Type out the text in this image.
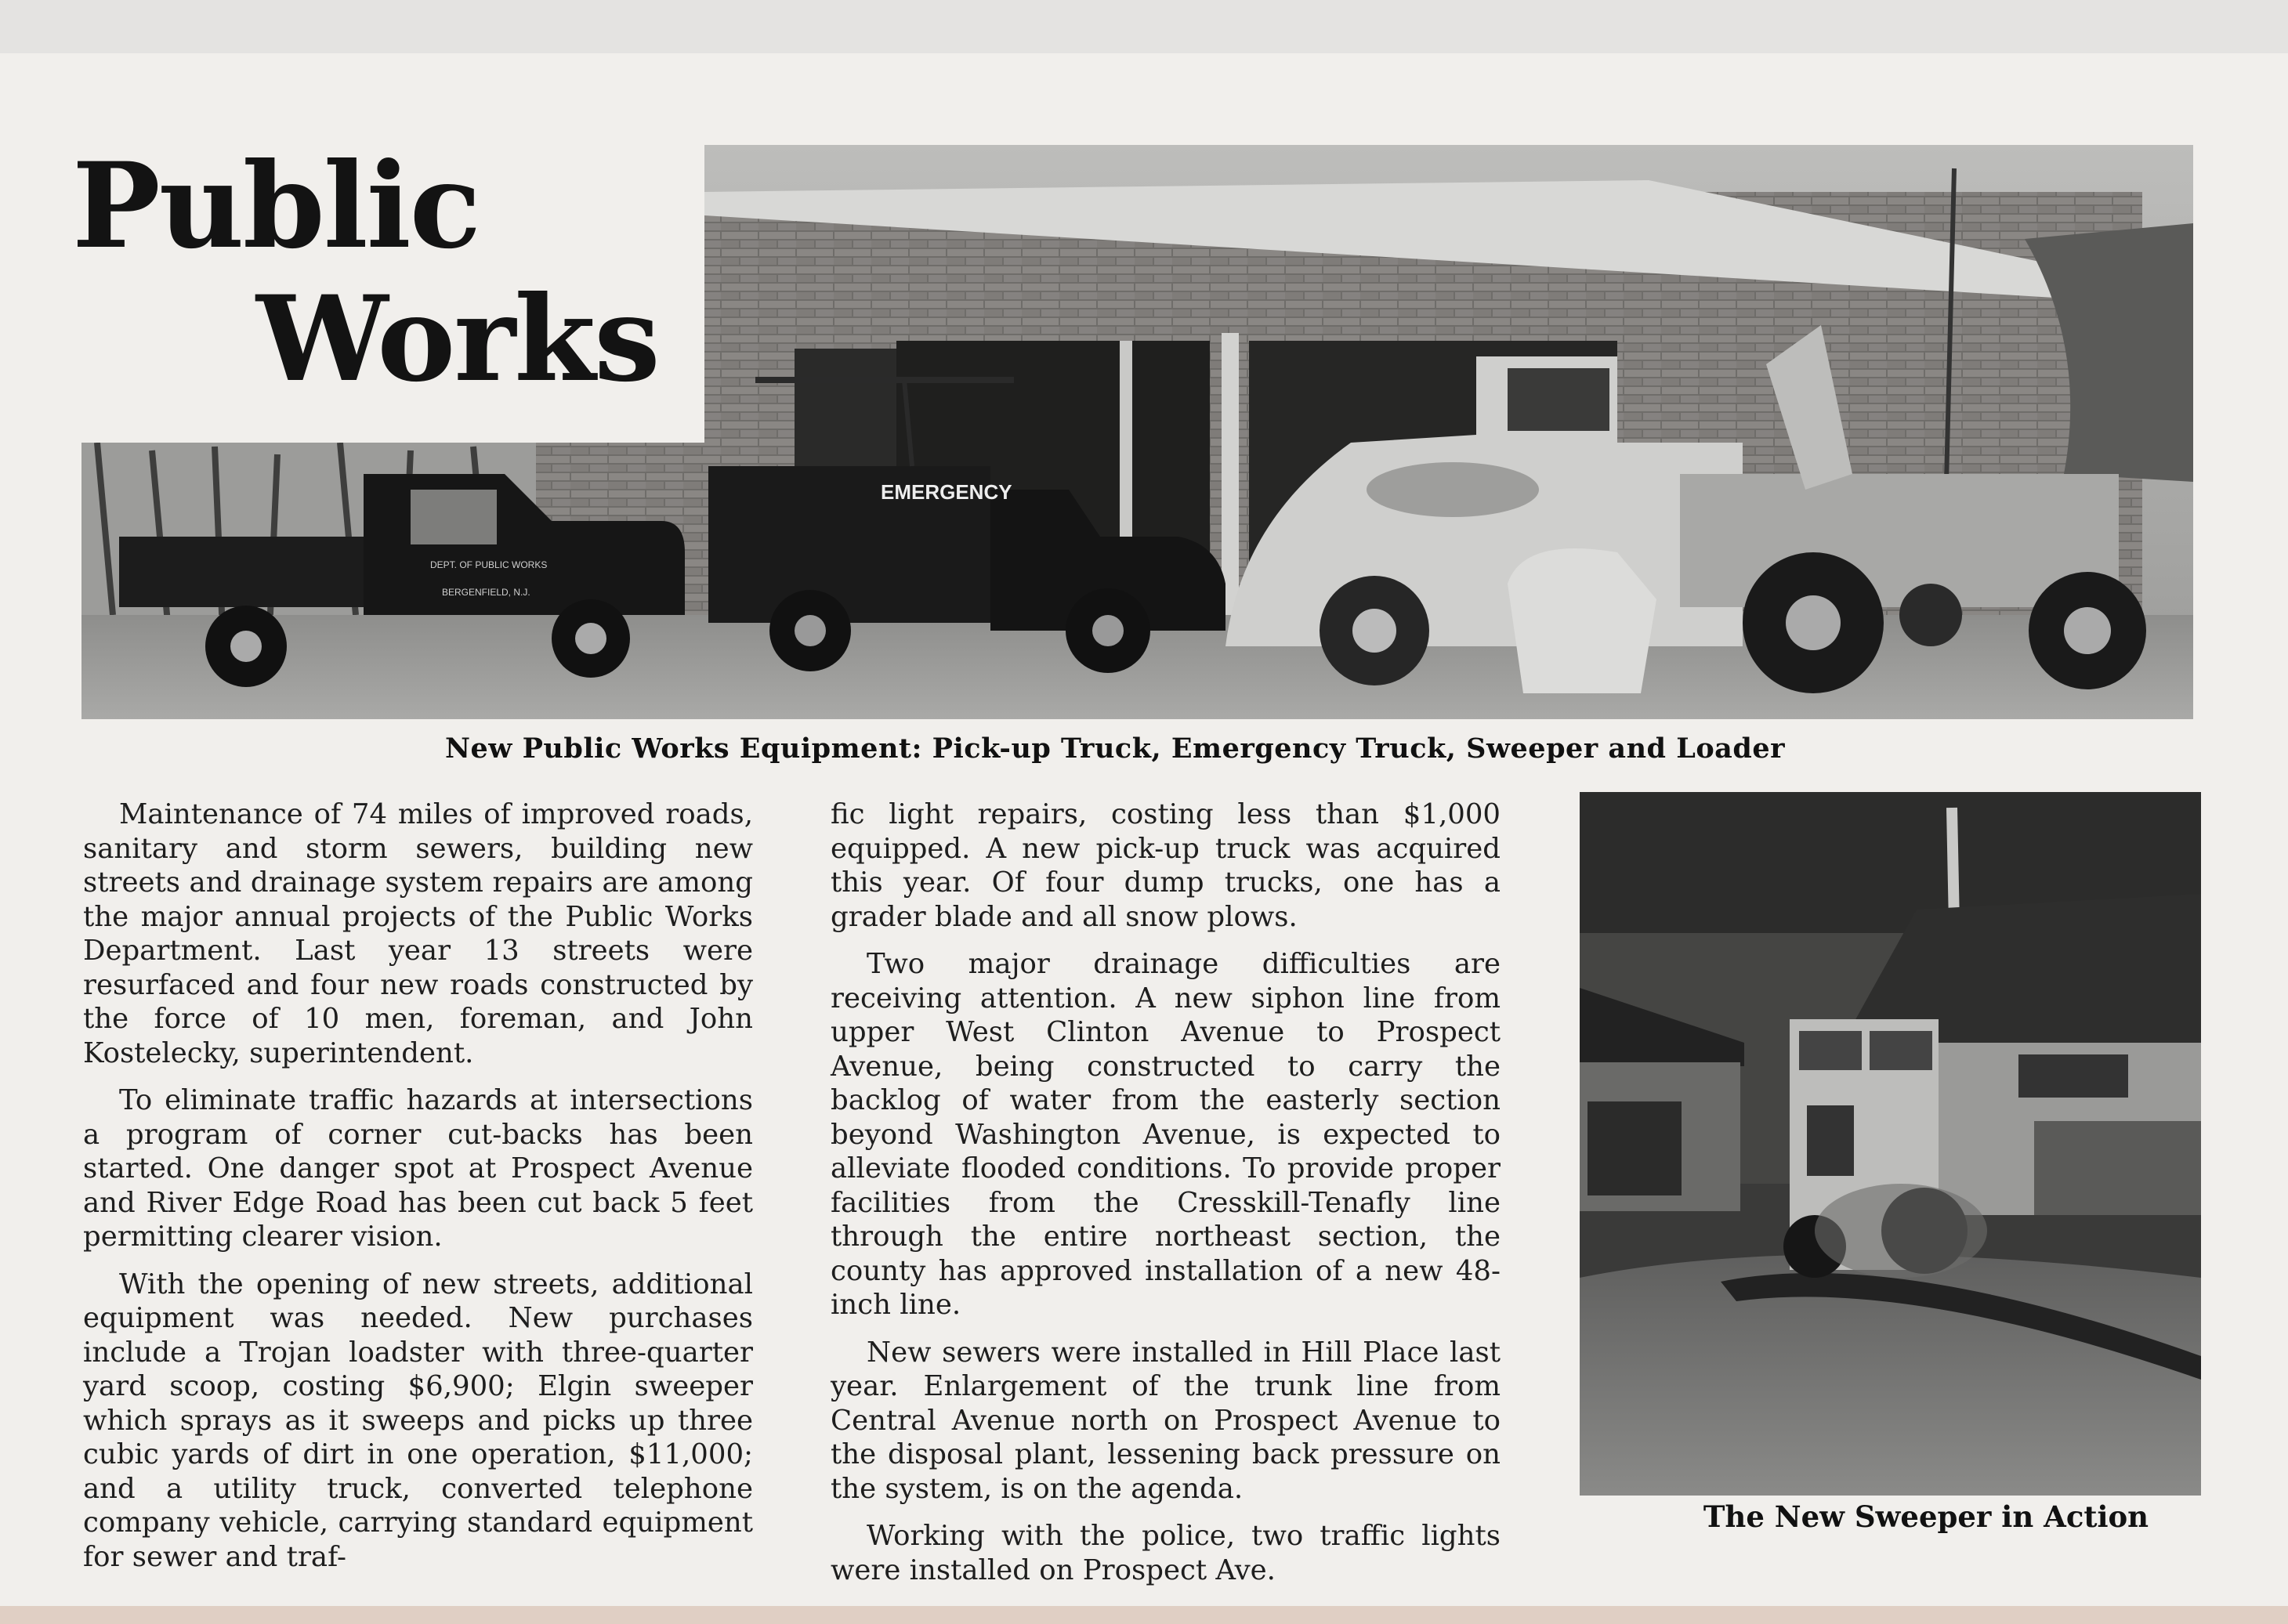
EMERGENCY
DEPT. OF PUBLIC WORKS
BERGENFIELD, N.J.
Public
Works
New Public Works Equipment: Pick-up Truck, Emergency Truck, Sweeper and Loader
The New Sweeper in Action

Maintenance of 74 miles of improved roads, sanitary and storm sewers, building new streets and drainage system repairs are among the major annual projects of the Public Works Department. Last year 13 streets were resurfaced and four new roads constructed by the force of 10 men, foreman, and John Kostelecky, superintendent.

To eliminate traffic hazards at intersections a program of corner cut-backs has been started. One danger spot at Prospect Avenue and River Edge Road has been cut back 5 feet permitting clearer vision.

With the opening of new streets, additional equipment was needed. New purchases include a Trojan loadster with three-quarter yard scoop, costing $6,900; Elgin sweeper which sprays as it sweeps and picks up three cubic yards of dirt in one operation, $11,000; and a utility truck, converted telephone company vehicle, carrying standard equipment for sewer and traf-

fic light repairs, costing less than $1,000 equipped. A new pick-up truck was acquired this year. Of four dump trucks, one has a grader blade and all snow plows.

Two major drainage difficulties are receiving attention. A new siphon line from upper West Clinton Avenue to Prospect Avenue, being constructed to carry the backlog of water from the easterly section beyond Washington Avenue, is expected to alleviate flooded conditions. To provide proper facilities from the Cresskill-Tenafly line through the entire northeast section, the county has approved installation of a new 48-inch line.

New sewers were installed in Hill Place last year. Enlargement of the trunk line from Central Avenue north on Prospect Avenue to the disposal plant, lessening back pressure on the system, is on the agenda.

Working with the police, two traffic lights were installed on Prospect Ave.
